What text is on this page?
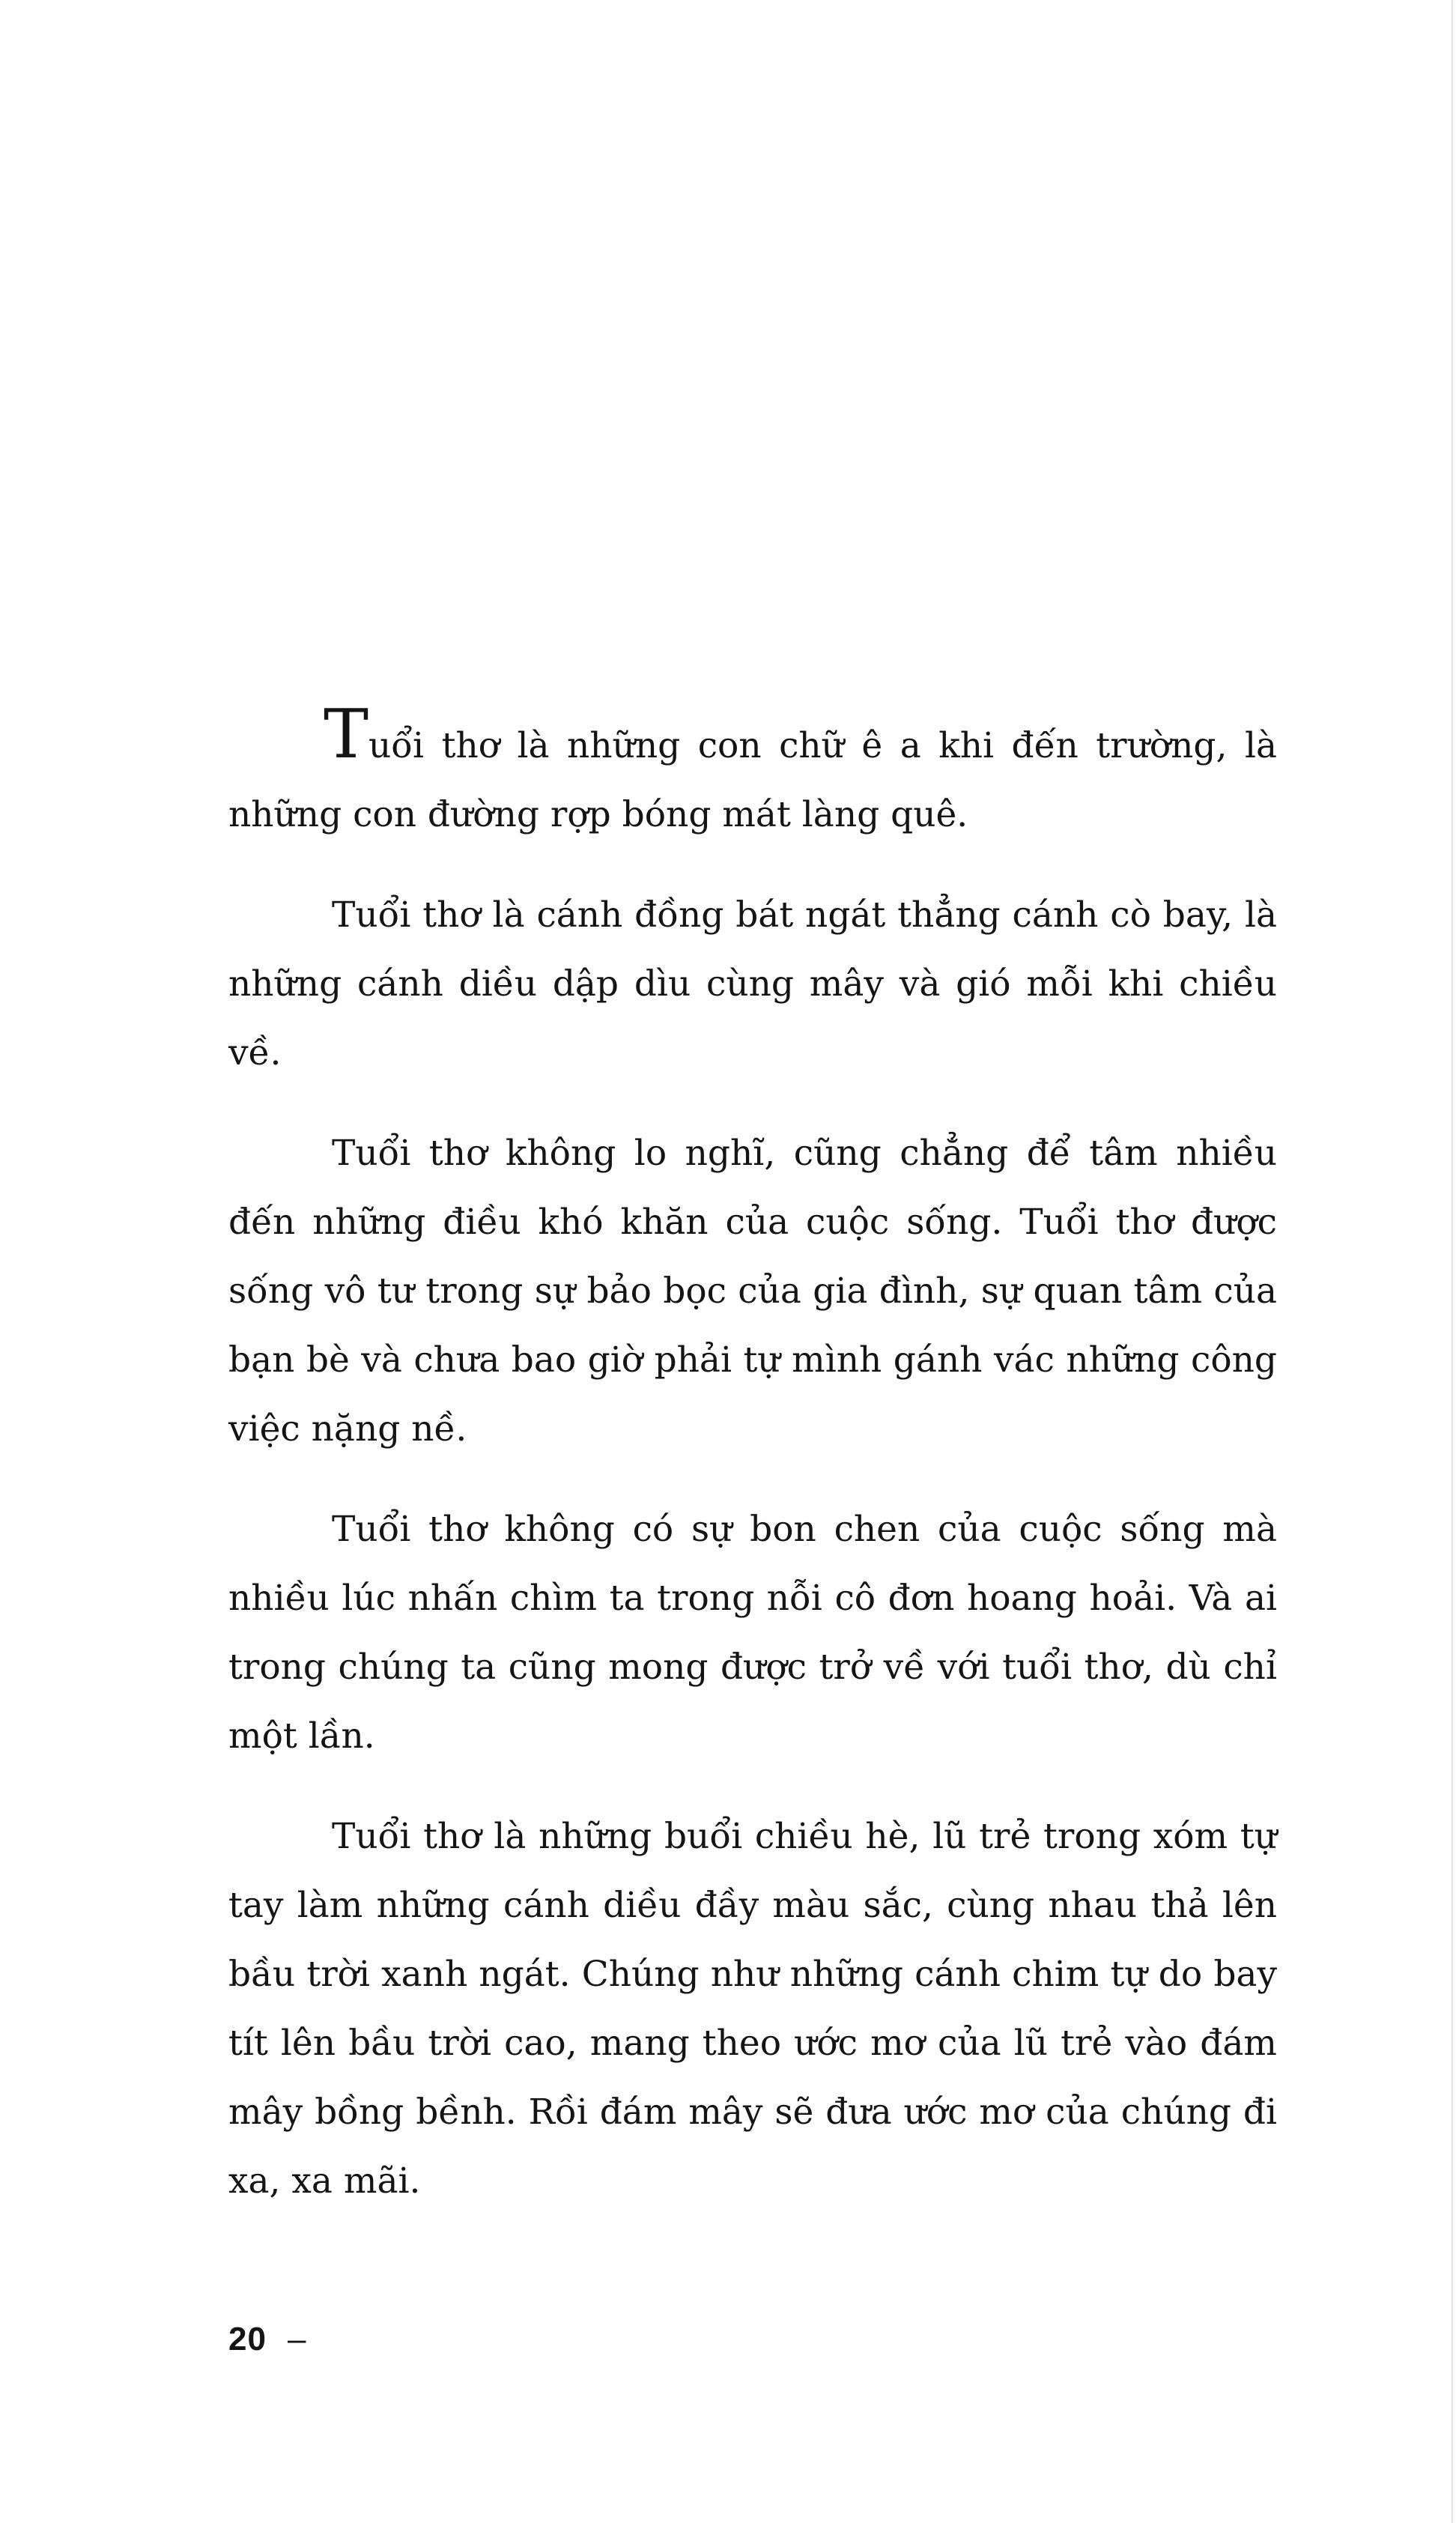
Tuổi thơ là những con chữ ê a khi đến trường, là những con đường rợp bóng mát làng quê.

Tuổi thơ là cánh đồng bát ngát thẳng cánh cò bay, là những cánh diều dập dìu cùng mây và gió mỗi khi chiều về.

Tuổi thơ không lo nghĩ, cũng chẳng để tâm nhiều đến những điều khó khăn của cuộc sống. Tuổi thơ được sống vô tư trong sự bảo bọc của gia đình, sự quan tâm của bạn bè và chưa bao giờ phải tự mình gánh vác những công việc nặng nề.

Tuổi thơ không có sự bon chen của cuộc sống mà nhiều lúc nhấn chìm ta trong nỗi cô đơn hoang hoải. Và ai trong chúng ta cũng mong được trở về với tuổi thơ, dù chỉ một lần.

Tuổi thơ là những buổi chiều hè, lũ trẻ trong xóm tự tay làm những cánh diều đầy màu sắc, cùng nhau thả lên bầu trời xanh ngát. Chúng như những cánh chim tự do bay tít lên bầu trời cao, mang theo ước mơ của lũ trẻ vào đám mây bồng bềnh. Rồi đám mây sẽ đưa ước mơ của chúng đi xa, xa mãi.

20 –
